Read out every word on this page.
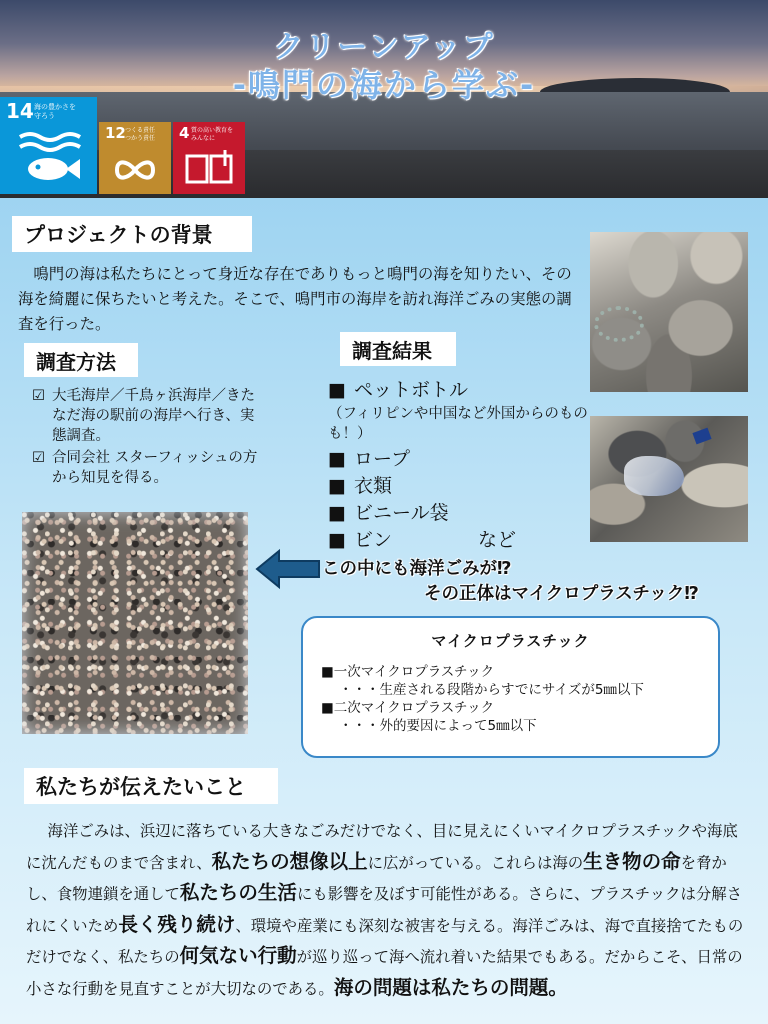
クリーンアップ
-鳴門の海から学ぶ-
14 海の豊かさを
守ろう
12 つくる責任
つかう責任 4 質の高い教育を
みんなに
プロジェクトの背景

鳴門の海は私たちにとって身近な存在でありもっと鳴門の海を知りたい、その海を綺麗に保ちたいと考えた。そこで、鳴門市の海岸を訪れ海洋ごみの実態の調査を行った。

調査方法
☑ 大毛海岸／千鳥ヶ浜海岸／きたなだ海の駅前の海岸へ行き、実態調査。
☑ 合同会社 スターフィッシュの方から知見を得る。
調査結果
■ ペットボトル
（フィリピンや中国など外国からのものも！）
■ ロープ
■ 衣類
■ ビニール袋
■ ビン	など
この中にも海洋ごみが⁉
その正体はマイクロプラスチック⁉
マイクロプラスチック
■一次マイクロプラスチック
・・・生産される段階からすでにサイズが5㎜以下
■二次マイクロプラスチック
・・・外的要因によって5㎜以下
私たちが伝えたいこと

海洋ごみは、浜辺に落ちている大きなごみだけでなく、目に見えにくいマイクロプラスチックや海底に沈んだものまで含まれ、私たちの想像以上に広がっている。これらは海の生き物の命を脅かし、食物連鎖を通して私たちの生活にも影響を及ぼす可能性がある。さらに、プラスチックは分解されにくいため長く残り続け、環境や産業にも深刻な被害を与える。海洋ごみは、海で直接捨てたものだけでなく、私たちの何気ない行動が巡り巡って海へ流れ着いた結果でもある。だからこそ、日常の小さな行動を見直すことが大切なのである。海の問題は私たちの問題。
